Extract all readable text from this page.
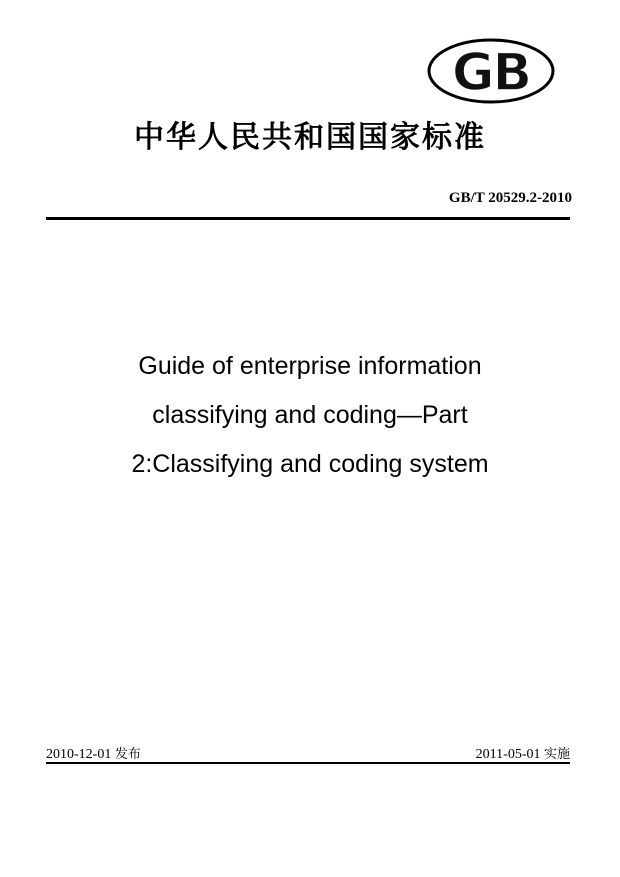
GB
中华人民共和国国家标准
GB/T 20529.2-2010
Guide of enterprise information
classifying and coding—Part
2:Classifying and coding system
2010-12-01 发布	2011-05-01 实施
